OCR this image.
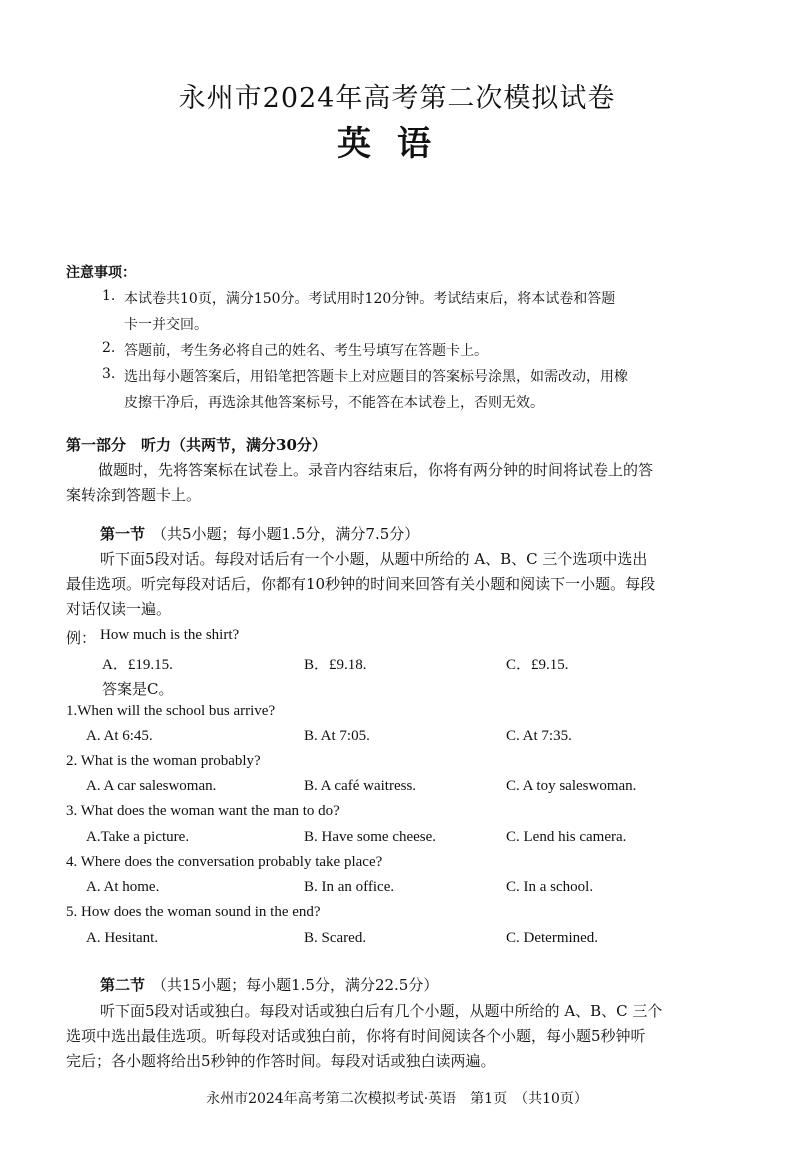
永州市2024年高考第二次模拟试卷
英语
注意事项：
1. 本试卷共10页，满分150分。考试用时120分钟。考试结束后，将本试卷和答题
卡一并交回。
2. 答题前，考生务必将自己的姓名、考生号填写在答题卡上。
3. 选出每小题答案后，用铅笔把答题卡上对应题目的答案标号涂黑，如需改动，用橡
皮擦干净后，再选涂其他答案标号，不能答在本试卷上，否则无效。
第一部分　听力（共两节，满分30分）
做题时，先将答案标在试卷上。录音内容结束后，你将有两分钟的时间将试卷上的答
案转涂到答题卡上。
第一节 （共5小题；每小题1.5分，满分7.5分）
听下面5段对话。每段对话后有一个小题，从题中所给的 A、B、C 三个选项中选出
最佳选项。听完每段对话后，你都有10秒钟的时间来回答有关小题和阅读下一小题。每段
对话仅读一遍。
例： How much is the shirt?
A．£19.15.	B．£9.18.	C．£9.15.
答案是C。
1.When will the school bus arrive?
A. At 6:45.	B. At 7:05.	C. At 7:35.
2. What is the woman probably?
A. A car saleswoman.	B. A café waitress.	C. A toy saleswoman.
3. What does the woman want the man to do?
A.Take a picture.	B. Have some cheese.	C. Lend his camera.
4. Where does the conversation probably take place?
A. At home.	B. In an office.	C. In a school.
5. How does the woman sound in the end?
A. Hesitant.	B. Scared.	C. Determined.
第二节 （共15小题；每小题1.5分，满分22.5分）
听下面5段对话或独白。每段对话或独白后有几个小题，从题中所给的 A、B、C 三个
选项中选出最佳选项。听每段对话或独白前，你将有时间阅读各个小题，每小题5秒钟听
完后；各小题将给出5秒钟的作答时间。每段对话或独白读两遍。
永州市2024年高考第二次模拟考试·英语　第1页　（共10页）
